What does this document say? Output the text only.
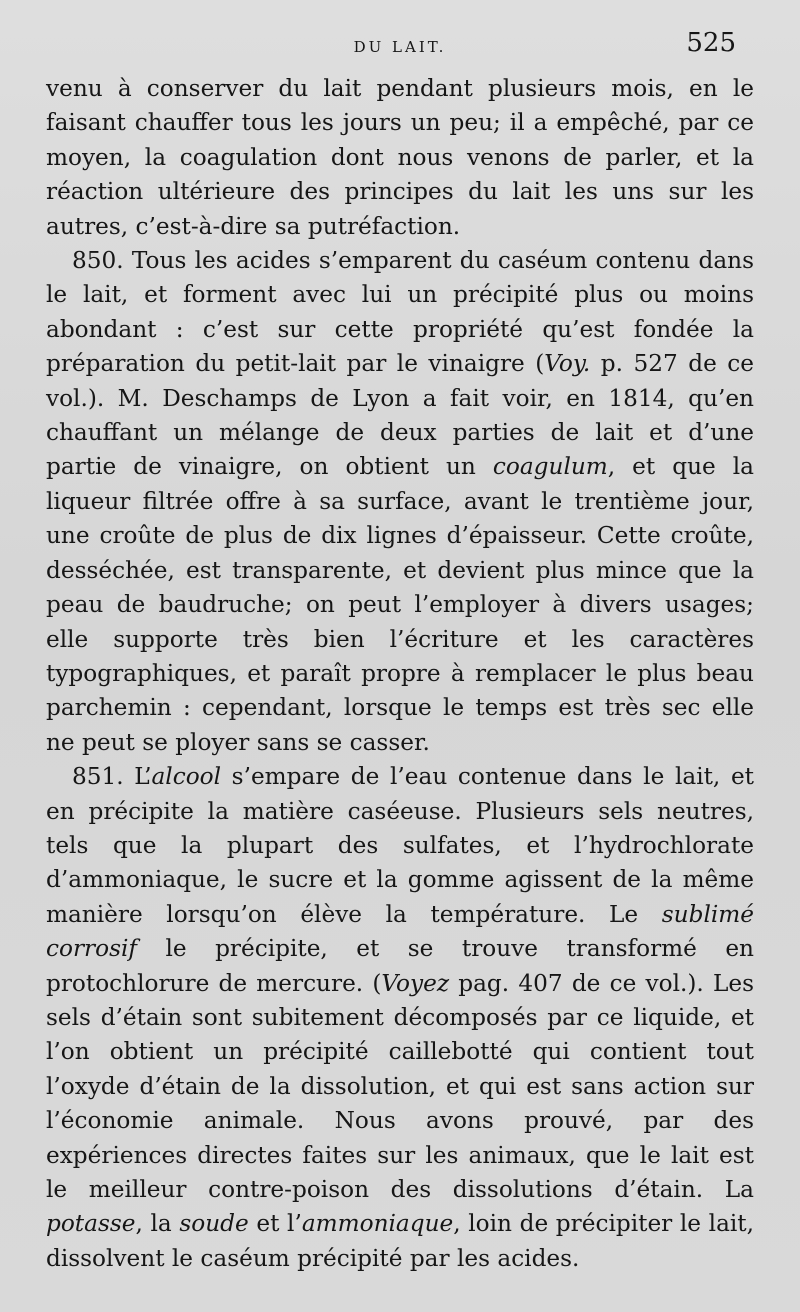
DU LAIT.	525

venu à conserver du lait pendant plusieurs mois, en le faisant chauffer tous les jours un peu; il a empêché, par ce moyen, la coagulation dont nous venons de parler, et la réaction ultérieure des principes du lait les uns sur les autres, c’est-à-dire sa putréfaction.

850. Tous les acides s’emparent du caséum contenu dans le lait, et forment avec lui un précipité plus ou moins abondant : c’est sur cette propriété qu’est fondée la préparation du petit-lait par le vinaigre (Voy. p. 527 de ce vol.). M. Deschamps de Lyon a fait voir, en 1814, qu’en chauffant un mélange de deux parties de lait et d’une partie de vinaigre, on obtient un coagulum, et que la liqueur filtrée offre à sa surface, avant le trentième jour, une croûte de plus de dix lignes d’épaisseur. Cette croûte, desséchée, est transparente, et devient plus mince que la peau de baudruche; on peut l’employer à divers usages; elle supporte très bien l’écriture et les caractères typographiques, et paraît propre à remplacer le plus beau parchemin : cependant, lorsque le temps est très sec elle ne peut se ployer sans se casser.

851. L’alcool s’empare de l’eau contenue dans le lait, et en précipite la matière caséeuse. Plusieurs sels neutres, tels que la plupart des sulfates, et l’hydrochlorate d’ammoniaque, le sucre et la gomme agissent de la même manière lorsqu’on élève la température. Le sublimé corrosif le précipite, et se trouve transformé en protochlorure de mercure. (Voyez pag. 407 de ce vol.). Les sels d’étain sont subitement décomposés par ce liquide, et l’on obtient un précipité caillebotté qui contient tout l’oxyde d’étain de la dissolution, et qui est sans action sur l’économie animale. Nous avons prouvé, par des expériences directes faites sur les animaux, que le lait est le meilleur contre-poison des dissolutions d’étain. La potasse, la soude et l’ammoniaque, loin de précipiter le lait, dissolvent le caséum précipité par les acides.
